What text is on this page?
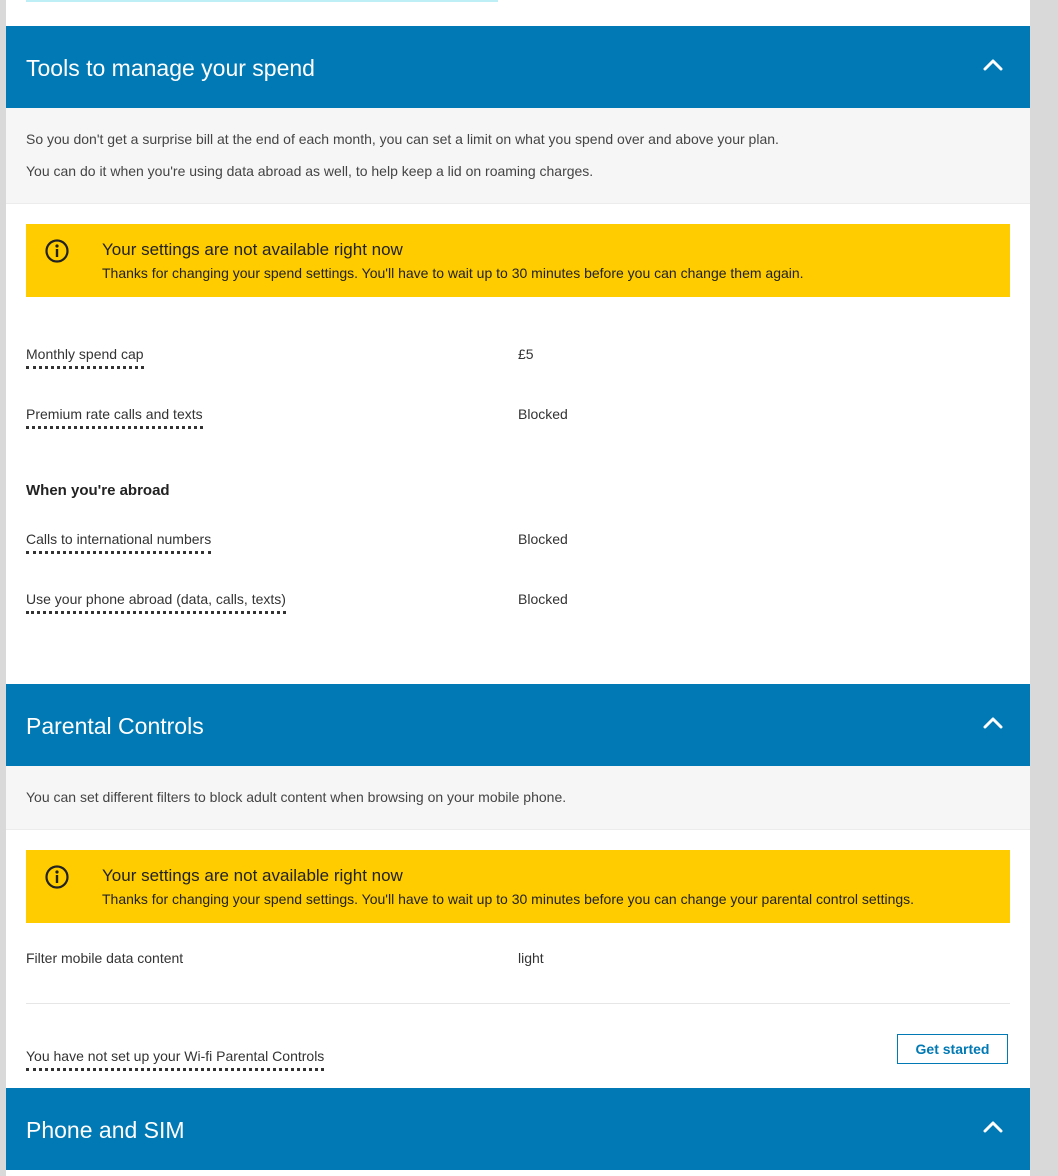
Tools to manage your spend

So you don't get a surprise bill at the end of each month, you can set a limit on what you spend over and above your plan.

You can do it when you're using data abroad as well, to help keep a lid on roaming charges.

Your settings are not available right now
Thanks for changing your spend settings. You'll have to wait up to 30 minutes before you can change them again.
Monthly spend cap	£5
Premium rate calls and texts	Blocked
When you're abroad
Calls to international numbers	Blocked
Use your phone abroad (data, calls, texts)	Blocked
Parental Controls

You can set different filters to block adult content when browsing on your mobile phone.

Your settings are not available right now
Thanks for changing your spend settings. You'll have to wait up to 30 minutes before you can change your parental control settings.
Filter mobile data content	light
You have not set up your Wi-fi Parental Controls	Get started
Phone and SIM
